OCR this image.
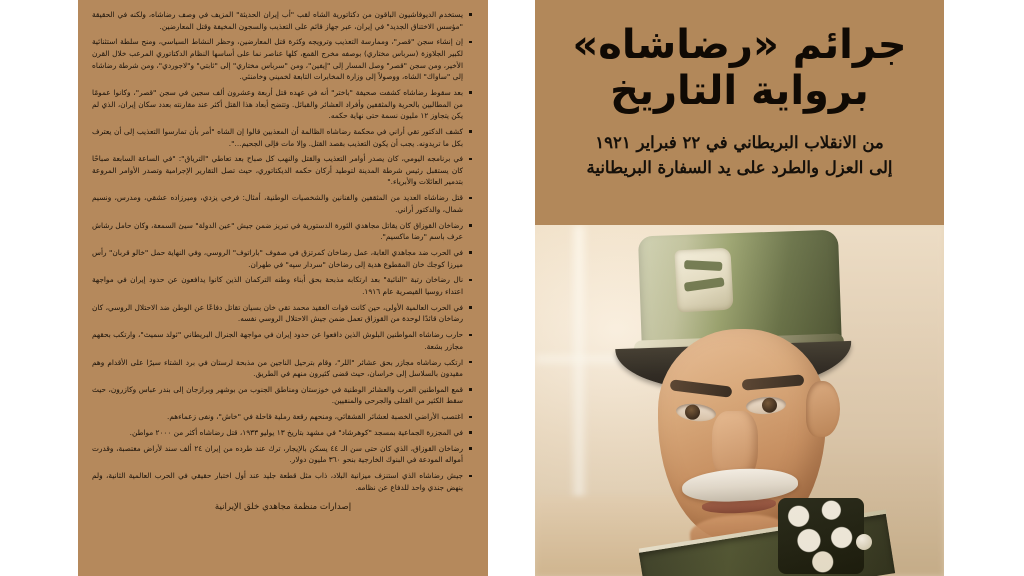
يستخدم الديوفاشيون الباقون من دكتاتورية الشاه لقب "أب إيران الحديثة" المزيف في وصف رضاشاه، ولكنه في الحقيقة "مؤسس الاختناق الجديد" في إيران، عبر جهاز قائم على التعذيب والسجون المخيفة وقتل المعارضين.
إن إنشاء سجن "قصر"، وممارسة التعذيب وترويجه وكثرة قتل المعارضين، وحظر النشاط السياسي، ومنح سلطة استثنائية لكبير الجلاوزة (سرباس مختاري) بوصفه مخرج القمع، كلها عناصر نما على أساسها النظام الدكتاتوري المرعب خلال القرن الأخير، ومن سجن "قصر" وصل المسار إلى "إيفين"، ومن "سرباس مختاري" إلى "ثابتي" و"لاجوردي"، ومن شرطة رضاشاه إلى "ساواك" الشاه، ووصولاً إلى وزارة المخابرات التابعة لخميني وخامنئي.
بعد سقوط رضاشاه كشفت صحيفة "باختر" أنه في عهده قتل أربعة وعشرون ألف سجين في سجن "قصر"، وكانوا عمومًا من المطالبين بالحرية والمثقفين وأفراد العشائر والقبائل. وتتضح أبعاد هذا القتل أكثر عند مقارنته بعدد سكان إيران، الذي لم يكن يتجاوز ١٢ مليون نسمة حتى نهاية حكمه.
كشف الدكتور تقي أراني في محكمة رضاشاه الظالمة أن المعذبين قالوا إن الشاه "أمر بأن تمارسوا التعذيب إلى أن يعترف بكل ما تريدونه. يجب أن يكون التعذيب بقصد القتل. وإلا مات فإلى الجحيم...".
في برنامجه اليومي، كان يصدر أوامر التعذيب والقتل والنهب كل صباح بعد تعاطي "الترياق": "في الساعة السابعة صباحًا كان يستقبل رئيس شرطة المدينة لتوطيد أركان حكمه الديكتاتوري، حيث تصل التقارير الإجرامية وتصدر الأوامر المروعة بتدمير العائلات والأبرياء."
قتل رضاشاه العديد من المثقفين والفنانين والشخصيات الوطنية، أمثال: فرخي يزدي، وميرزاده عشقي، ومدرس، ونسيم شمال، والدكتور أراني.
رضاخان القوزاق كان يقاتل مجاهدي الثورة الدستورية في تبريز ضمن جيش "عين الدولة" سيئ السمعة، وكان حامل رشاش عرف باسم "رضا ماكسيم".
في الحرب ضد مجاهدي الغابة، عمل رضاخان كمرتزق في صفوف "باراتوف" الروسي، وفي النهاية حمل "خالو قربان" رأس ميرزا كوجك خان المقطوع هدية إلى رضاخان "سردار سپه" في طهران.
نال رضاخان رتبة "النائبة" بعد ارتكابه مذبحة بحق أبناء وطنه التركمان الذين كانوا يدافعون عن حدود إيران في مواجهة اعتداء روسيا القيصرية عام ١٩١٦.
في الحرب العالمية الأولى، حين كانت قوات العقيد محمد تقي خان بسيان تقاتل دفاعًا عن الوطن ضد الاحتلال الروسي، كان رضاخان قائدًا لوحدة من القوزاق تعمل ضمن جيش الاحتلال الروسي نفسه.
حارب رضاشاه المواطنين البلوش الذين دافعوا عن حدود إيران في مواجهة الجنرال البريطاني "ئولد سميث"، وارتكب بحقهم مجازر بشعة.
ارتكب رضاشاه مجازر بحق عشائر "اللر"، وقام بترحيل الناجين من مذبحة لرستان في برد الشتاء سيرًا على الأقدام وهم مقيدون بالسلاسل إلى خراسان، حيث قضى كثيرون منهم في الطريق.
قمع المواطنين العرب والعشائر الوطنية في خوزستان ومناطق الجنوب من بوشهر وبرازجان إلى بندر عباس وكازرون، حيث سقط الكثير من القتلى والجرحى والمنفيين.
اغتصب الأراضي الخصبة لعشائر القشقائي، ومنحهم رقعة رملية قاحلة في "خاش"، ونفى زعماءهم.
في المجزرة الجماعية بمسجد "كوهرشاد" في مشهد بتاريخ ١٣ يوليو ١٩٣٣، قتل رضاشاه أكثر من ٢٠٠٠ مواطن.
رضاخان القوزاق، الذي كان حتى سن الـ ٤٤ يسكن بالإيجار، ترك عند طرده من إيران ٢٤ ألف سند لأراض مغتصبة، وقدرت أمواله المودعة في البنوك الخارجية بنحو ٣٦٠ مليون دولار.
جيش رضاشاه الذي استنزف ميزانية البلاد، ذاب مثل قطعة جليد عند أول اختبار حقيقي في الحرب العالمية الثانية، ولم ينهض جندي واحد للدفاع عن نظامه.
إصدارات منظمة مجاهدي خلق الإيرانية
جرائم «رضاشاه»
برواية التاريخ
من الانقلاب البريطاني في ٢٢ فبراير ١٩٢١
إلى العزل والطرد على يد السفارة البريطانية
